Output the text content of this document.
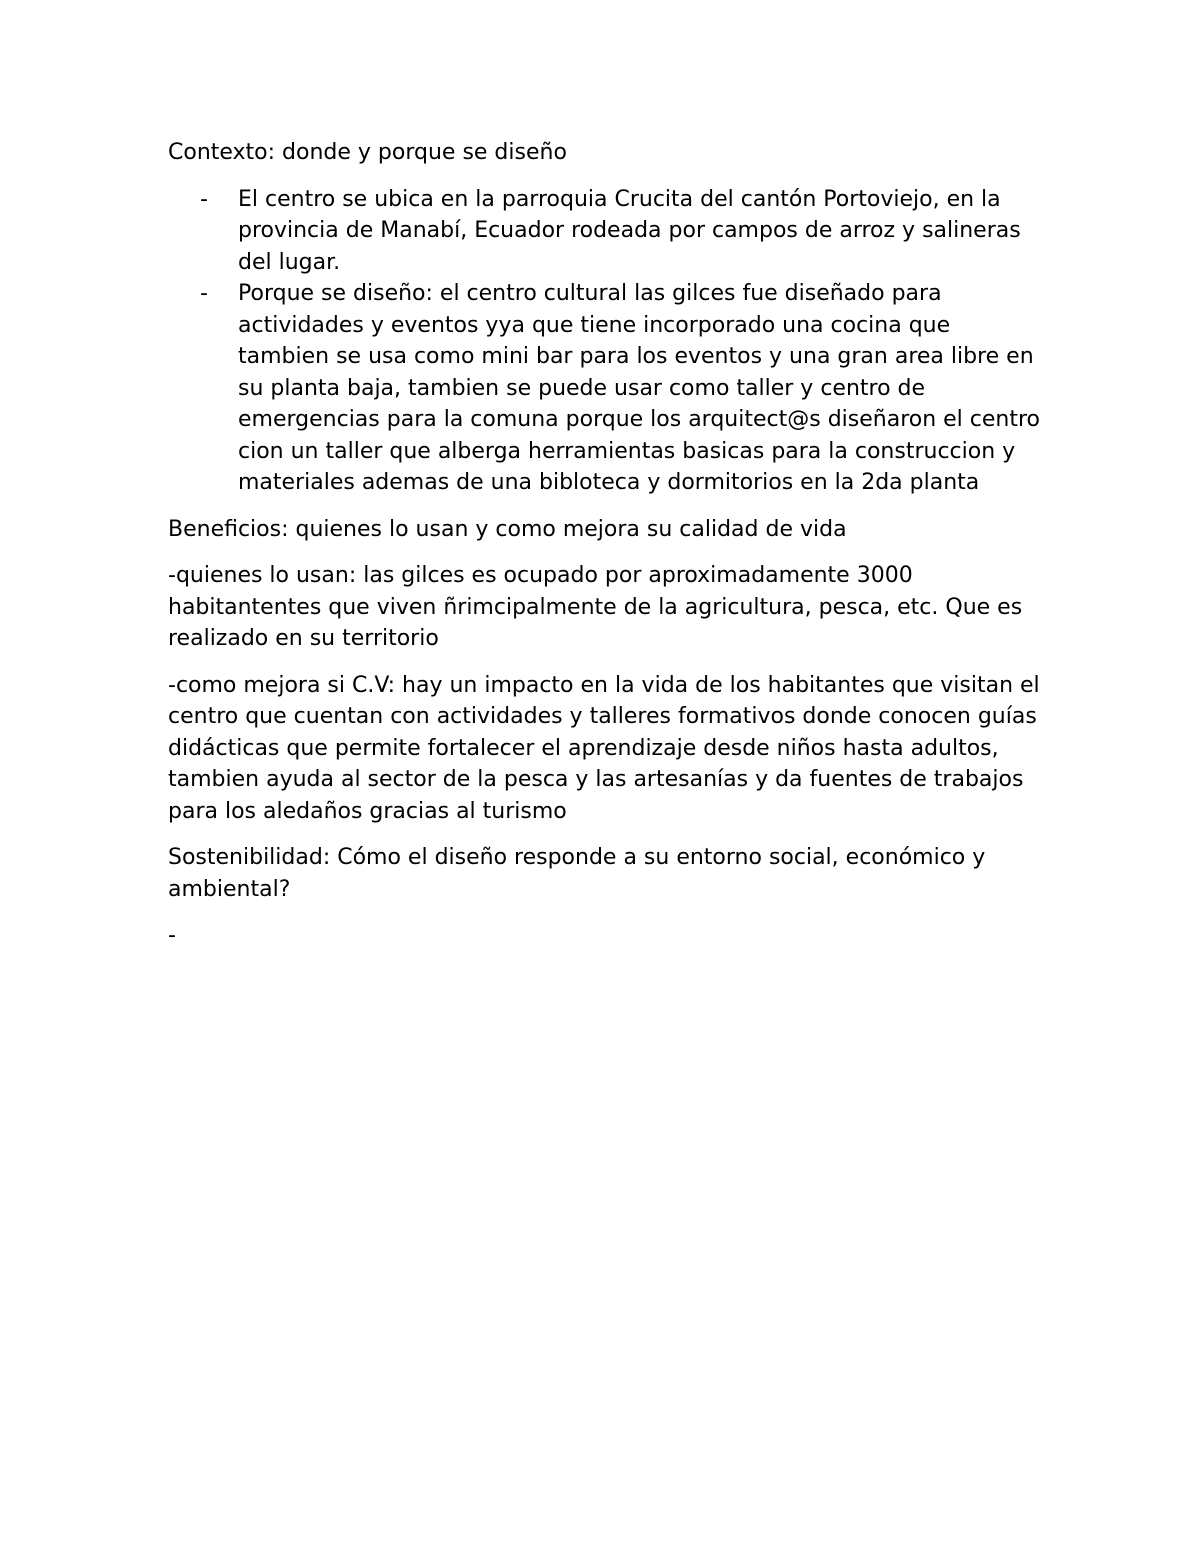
Contexto: donde y porque se diseño

- El centro se ubica en la parroquia Crucita del cantón Portoviejo, en la provincia de Manabí, Ecuador rodeada por campos de arroz y salineras del lugar.
- Porque se diseño: el centro cultural las gilces fue diseñado para actividades y eventos yya que tiene incorporado una cocina que tambien se usa como mini bar para los eventos y una gran area libre en su planta baja, tambien se puede usar como taller y centro de emergencias para la comuna porque los arquitect@s diseñaron el centro cion un taller que alberga herramientas basicas para la construccion y materiales ademas de una bibloteca y dormitorios en la 2da planta

Beneficios: quienes lo usan y como mejora su calidad de vida

-quienes lo usan: las gilces es ocupado por aproximadamente 3000 habitantentes que viven ñrimcipalmente de la agricultura, pesca, etc. Que es realizado en su territorio

-como mejora si C.V: hay un impacto en la vida de los habitantes que visitan el centro que cuentan con actividades y talleres formativos donde conocen guías didácticas que permite fortalecer el aprendizaje desde niños hasta adultos, tambien ayuda al sector de la pesca y las artesanías y da fuentes de trabajos para los aledaños gracias al turismo

Sostenibilidad: Cómo el diseño responde a su entorno social, económico y ambiental?

-
